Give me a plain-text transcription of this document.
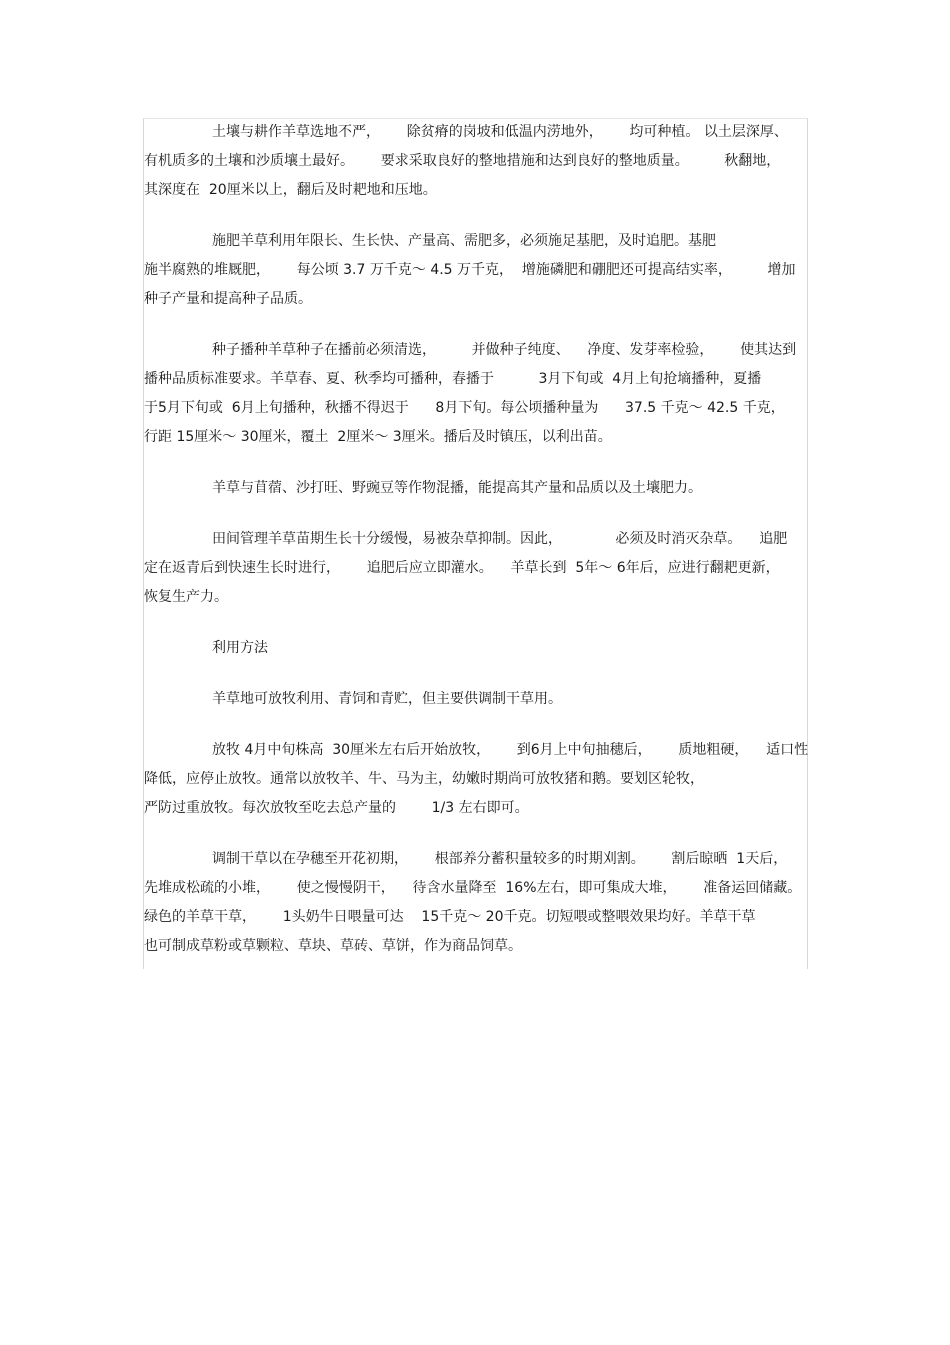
土壤与耕作羊草选地不严，      除贫瘠的岗坡和低温内涝地外，      均可种植。 以土层深厚、
有机质多的土壤和沙质壤土最好。      要求采取良好的整地措施和达到良好的整地质量。        秋翻地，
其深度在  20厘米以上，翻后及时耙地和压地。
施肥羊草利用年限长、生长快、产量高、需肥多，必须施足基肥，及时追肥。基肥
施半腐熟的堆厩肥，      每公顷 3.7 万千克～ 4.5 万千克，  增施磷肥和硼肥还可提高结实率，        增加
种子产量和提高种子品质。
种子播种羊草种子在播前必须清选，        并做种子纯度、    净度、发芽率检验，      使其达到
播种品质标准要求。羊草春、夏、秋季均可播种，春播于          3月下旬或  4月上旬抢墒播种，夏播
于5月下旬或  6月上旬播种，秋播不得迟于      8月下旬。每公顷播种量为      37.5 千克～ 42.5 千克，
行距 15厘米～ 30厘米，覆土  2厘米～ 3厘米。播后及时镇压，以利出苗。
羊草与苜蓿、沙打旺、野豌豆等作物混播，能提高其产量和品质以及土壤肥力。
田间管理羊草苗期生长十分缓慢，易被杂草抑制。因此，            必须及时消灭杂草。    追肥
定在返青后到快速生长时进行，      追肥后应立即灌水。    羊草长到  5年～ 6年后，应进行翻耙更新，
恢复生产力。
利用方法
羊草地可放牧利用、青饲和青贮，但主要供调制干草用。
放牧 4月中旬株高  30厘米左右后开始放牧，      到6月上中旬抽穗后，      质地粗硬，    适口性
降低，应停止放牧。通常以放牧羊、牛、马为主，幼嫩时期尚可放牧猪和鹅。要划区轮牧，
严防过重放牧。每次放牧至吃去总产量的        1/3 左右即可。
调制干草以在孕穗至开花初期，      根部养分蓄积量较多的时期刈割。      割后晾晒  1天后，
先堆成松疏的小堆，      使之慢慢阴干，    待含水量降至  16%左右，即可集成大堆，      准备运回储藏。
绿色的羊草干草，      1头奶牛日喂量可达    15千克～ 20千克。切短喂或整喂效果均好。羊草干草
也可制成草粉或草颗粒、草块、草砖、草饼，作为商品饲草。
